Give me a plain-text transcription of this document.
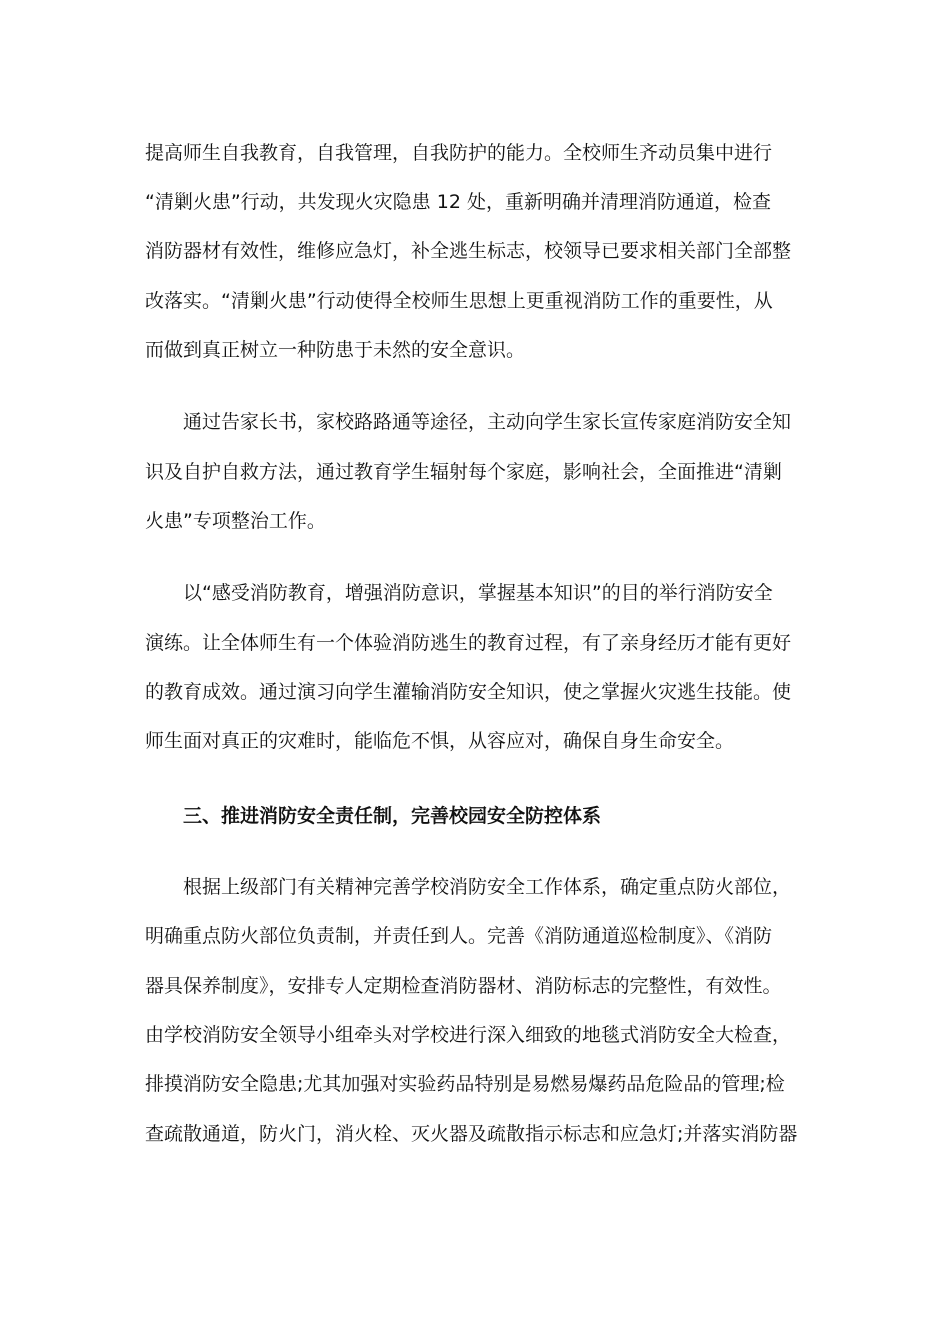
提高师生自我教育，自我管理，自我防护的能力。全校师生齐动员集中进行
“清剿火患”行动，共发现火灾隐患 12 处，重新明确并清理消防通道，检查
消防器材有效性，维修应急灯，补全逃生标志，校领导已要求相关部门全部整
改落实。“清剿火患”行动使得全校师生思想上更重视消防工作的重要性，从
而做到真正树立一种防患于未然的安全意识。
通过告家长书，家校路路通等途径，主动向学生家长宣传家庭消防安全知
识及自护自救方法，通过教育学生辐射每个家庭，影响社会，全面推进“清剿
火患”专项整治工作。
以“感受消防教育，增强消防意识，掌握基本知识”的目的举行消防安全
演练。让全体师生有一个体验消防逃生的教育过程，有了亲身经历才能有更好
的教育成效。通过演习向学生灌输消防安全知识，使之掌握火灾逃生技能。使
师生面对真正的灾难时，能临危不惧，从容应对，确保自身生命安全。
三、推进消防安全责任制，完善校园安全防控体系
根据上级部门有关精神完善学校消防安全工作体系，确定重点防火部位，
明确重点防火部位负责制，并责任到人。完善《消防通道巡检制度》、《消防
器具保养制度》，安排专人定期检查消防器材、消防标志的完整性，有效性。
由学校消防安全领导小组牵头对学校进行深入细致的地毯式消防安全大检查，
排摸消防安全隐患;尤其加强对实验药品特别是易燃易爆药品危险品的管理;检
查疏散通道，防火门，消火栓、灭火器及疏散指示标志和应急灯;并落实消防器
